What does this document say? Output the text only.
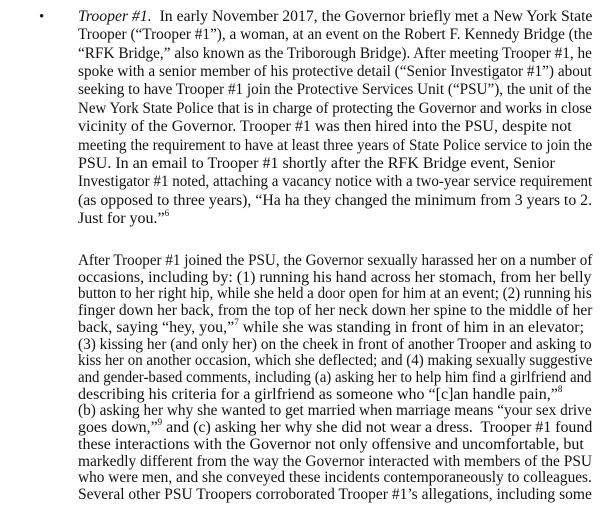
• Trooper #1.  In early November 2017, the Governor briefly met a New York State
Trooper (“Trooper #1”), a woman, at an event on the Robert F. Kennedy Bridge (the
“RFK Bridge,” also known as the Triborough Bridge). After meeting Trooper #1, he
spoke with a senior member of his protective detail (“Senior Investigator #1”) about
seeking to have Trooper #1 join the Protective Services Unit (“PSU”), the unit of the
New York State Police that is in charge of protecting the Governor and works in close
vicinity of the Governor. Trooper #1 was then hired into the PSU, despite not
meeting the requirement to have at least three years of State Police service to join the
PSU. In an email to Trooper #1 shortly after the RFK Bridge event, Senior
Investigator #1 noted, attaching a vacancy notice with a two-year service requirement
(as opposed to three years), “Ha ha they changed the minimum from 3 years to 2.
Just for you.”$^6$
After Trooper #1 joined the PSU, the Governor sexually harassed her on a number of
occasions, including by: (1) running his hand across her stomach, from her belly
button to her right hip, while she held a door open for him at an event; (2) running his
finger down her back, from the top of her neck down her spine to the middle of her
back, saying “hey, you,”$^7$ while she was standing in front of him in an elevator;
(3) kissing her (and only her) on the cheek in front of another Trooper and asking to
kiss her on another occasion, which she deflected; and (4) making sexually suggestive
and gender-based comments, including (a) asking her to help him find a girlfriend and
describing his criteria for a girlfriend as someone who “[c]an handle pain,”$^8$
(b) asking her why she wanted to get married when marriage means “your sex drive
goes down,”$^9$ and (c) asking her why she did not wear a dress.  Trooper #1 found
these interactions with the Governor not only offensive and uncomfortable, but
markedly different from the way the Governor interacted with members of the PSU
who were men, and she conveyed these incidents contemporaneously to colleagues.
Several other PSU Troopers corroborated Trooper #1’s allegations, including some
